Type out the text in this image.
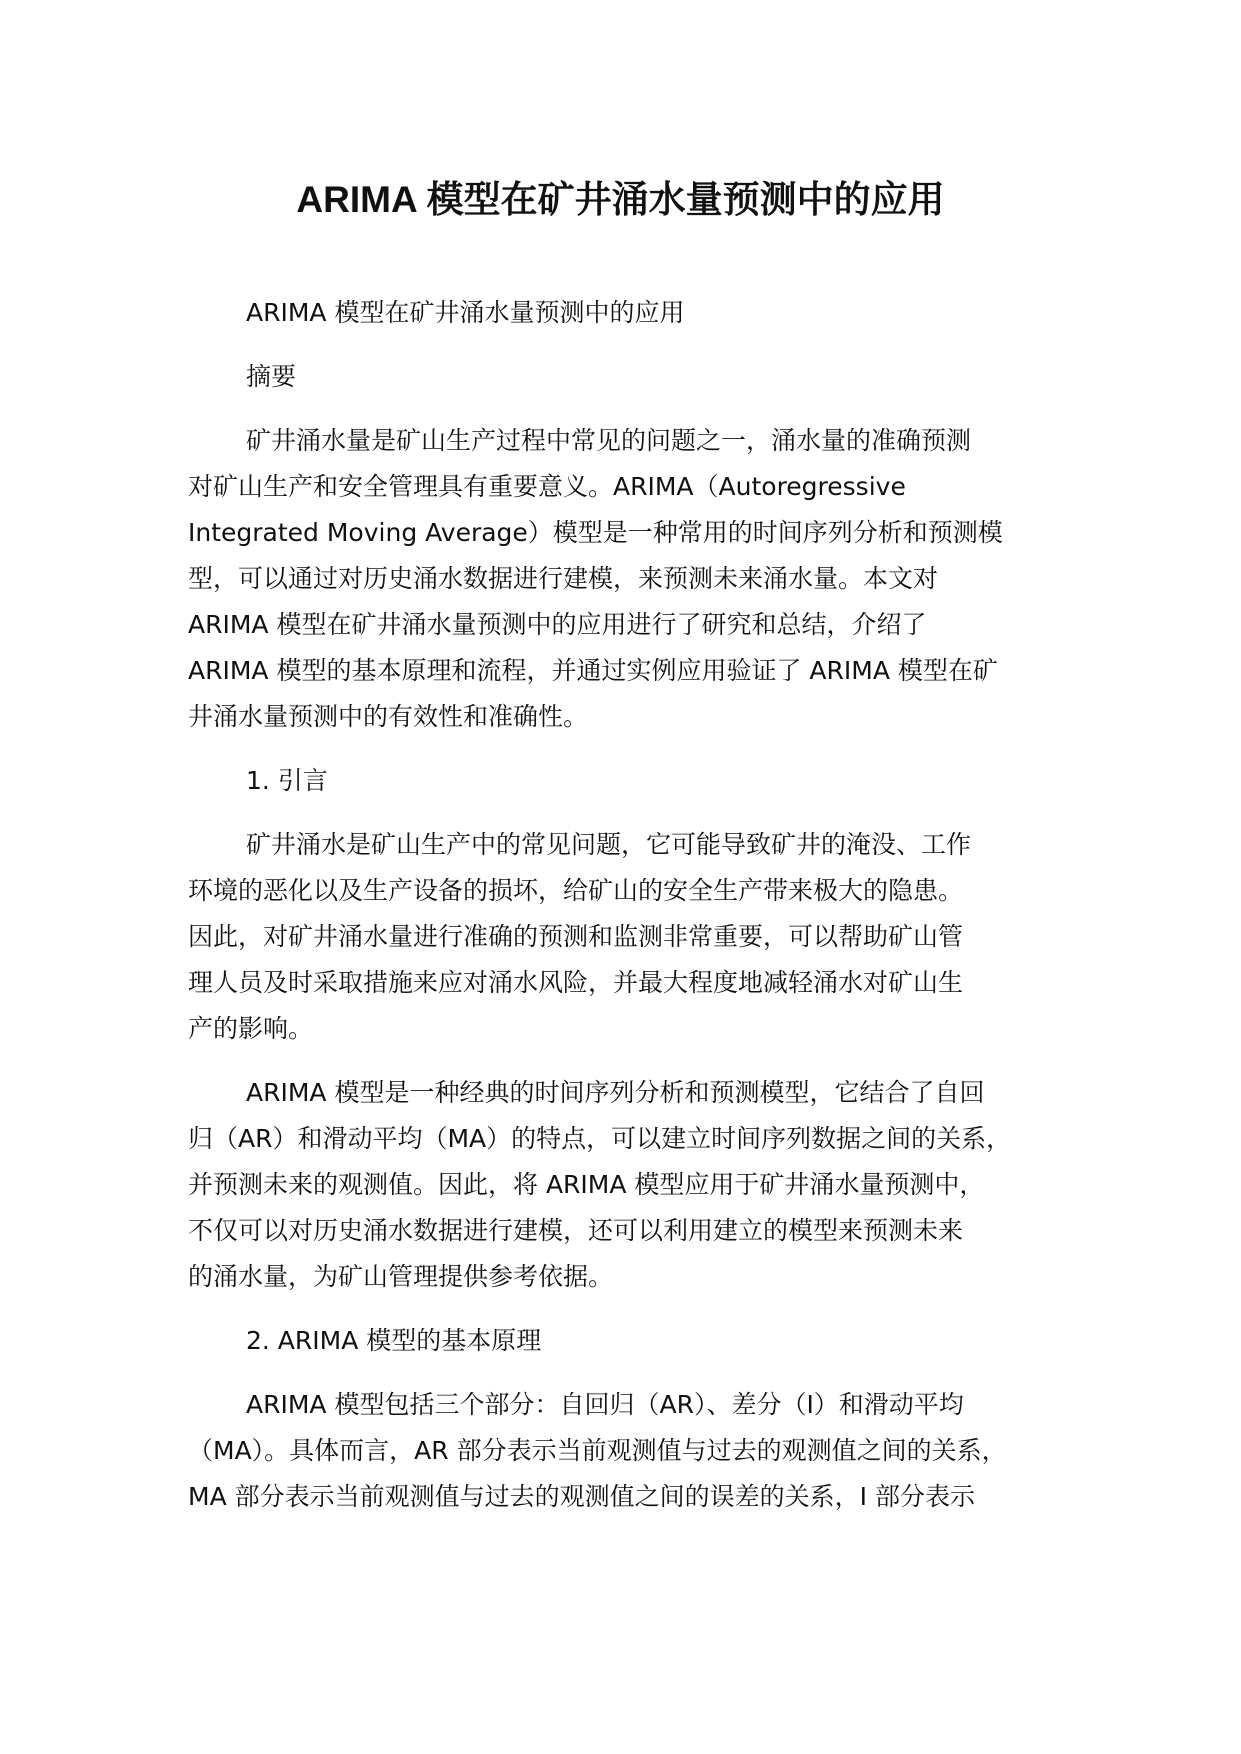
ARIMA 模型在矿井涌水量预测中的应用

ARIMA 模型在矿井涌水量预测中的应用

摘要

矿井涌水量是矿山生产过程中常见的问题之一，涌水量的准确预测
对矿山生产和安全管理具有重要意义。ARIMA（Autoregressive
Integrated Moving Average）模型是一种常用的时间序列分析和预测模
型，可以通过对历史涌水数据进行建模，来预测未来涌水量。本文对
ARIMA 模型在矿井涌水量预测中的应用进行了研究和总结，介绍了
ARIMA 模型的基本原理和流程，并通过实例应用验证了 ARIMA 模型在矿
井涌水量预测中的有效性和准确性。

1. 引言

矿井涌水是矿山生产中的常见问题，它可能导致矿井的淹没、工作
环境的恶化以及生产设备的损坏，给矿山的安全生产带来极大的隐患。
因此，对矿井涌水量进行准确的预测和监测非常重要，可以帮助矿山管
理人员及时采取措施来应对涌水风险，并最大程度地减轻涌水对矿山生
产的影响。

ARIMA 模型是一种经典的时间序列分析和预测模型，它结合了自回
归（AR）和滑动平均（MA）的特点，可以建立时间序列数据之间的关系，
并预测未来的观测值。因此，将 ARIMA 模型应用于矿井涌水量预测中，
不仅可以对历史涌水数据进行建模，还可以利用建立的模型来预测未来
的涌水量，为矿山管理提供参考依据。

2. ARIMA 模型的基本原理

ARIMA 模型包括三个部分：自回归（AR）、差分（I）和滑动平均
（MA）。具体而言，AR 部分表示当前观测值与过去的观测值之间的关系，
MA 部分表示当前观测值与过去的观测值之间的误差的关系，I 部分表示
